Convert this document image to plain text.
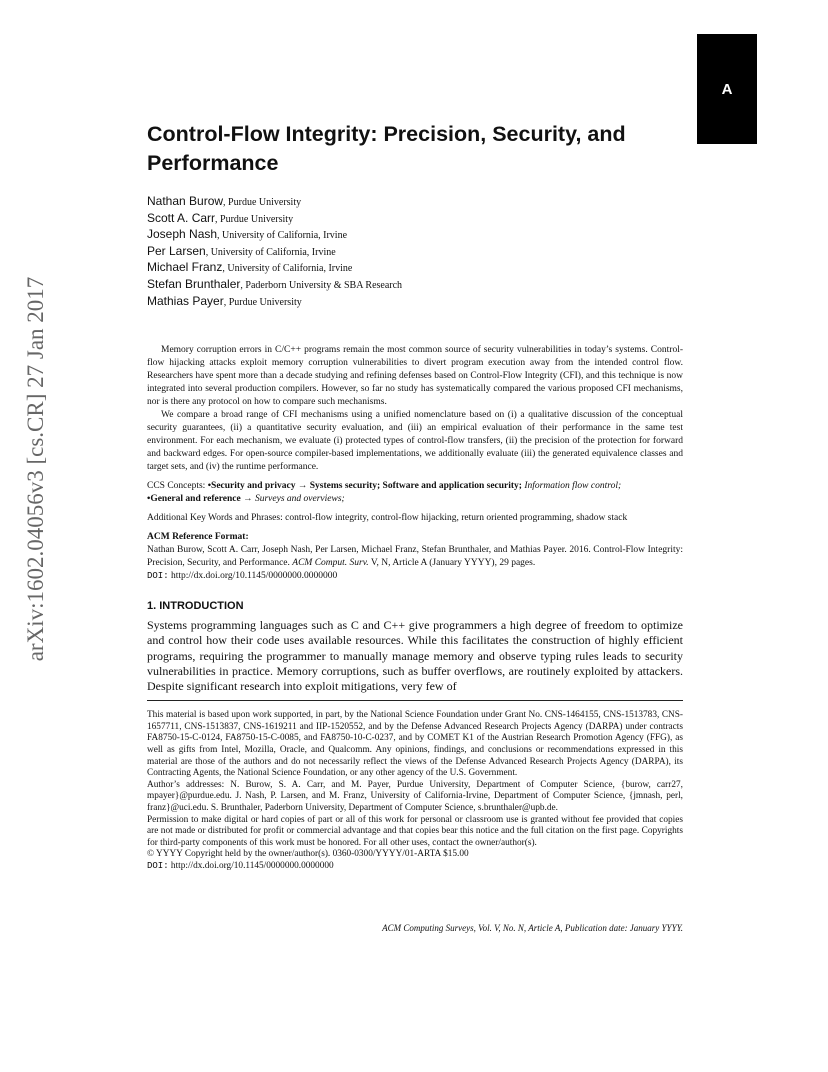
A
arXiv:1602.04056v3 [cs.CR] 27 Jan 2017
Control-Flow Integrity: Precision, Security, and Performance
Nathan Burow, Purdue University
Scott A. Carr, Purdue University
Joseph Nash, University of California, Irvine
Per Larsen, University of California, Irvine
Michael Franz, University of California, Irvine
Stefan Brunthaler, Paderborn University & SBA Research
Mathias Payer, Purdue University

Memory corruption errors in C/C++ programs remain the most common source of security vulnerabilities in today’s systems. Control-flow hijacking attacks exploit memory corruption vulnerabilities to divert program execution away from the intended control flow. Researchers have spent more than a decade studying and refining defenses based on Control-Flow Integrity (CFI), and this technique is now integrated into several production compilers. However, so far no study has systematically compared the various proposed CFI mechanisms, nor is there any protocol on how to compare such mechanisms.

We compare a broad range of CFI mechanisms using a unified nomenclature based on (i) a qualitative discussion of the conceptual security guarantees, (ii) a quantitative security evaluation, and (iii) an empirical evaluation of their performance in the same test environment. For each mechanism, we evaluate (i) protected types of control-flow transfers, (ii) the precision of the protection for forward and backward edges. For open-source compiler-based implementations, we additionally evaluate (iii) the generated equivalence classes and target sets, and (iv) the runtime performance.

CCS Concepts: •Security and privacy → Systems security; Software and application security; Information flow control;
•General and reference → Surveys and overviews;
Additional Key Words and Phrases: control-flow integrity, control-flow hijacking, return oriented programming, shadow stack
ACM Reference Format:
Nathan Burow, Scott A. Carr, Joseph Nash, Per Larsen, Michael Franz, Stefan Brunthaler, and Mathias Payer. 2016. Control-Flow Integrity: Precision, Security, and Performance. ACM Comput. Surv. V, N, Article A (January YYYY), 29 pages.
DOI: http://dx.doi.org/10.1145/0000000.0000000
1. INTRODUCTION

Systems programming languages such as C and C++ give programmers a high degree of freedom to optimize and control how their code uses available resources. While this facilitates the construction of highly efficient programs, requiring the programmer to manually manage memory and observe typing rules leads to security vulnerabilities in practice. Memory corruptions, such as buffer overflows, are routinely exploited by attackers. Despite significant research into exploit mitigations, very few of

This material is based upon work supported, in part, by the National Science Foundation under Grant No. CNS-1464155, CNS-1513783, CNS-1657711, CNS-1513837, CNS-1619211 and IIP-1520552, and by the Defense Advanced Research Projects Agency (DARPA) under contracts FA8750-15-C-0124, FA8750-15-C-0085, and FA8750-10-C-0237, and by COMET K1 of the Austrian Research Promotion Agency (FFG), as well as gifts from Intel, Mozilla, Oracle, and Qualcomm. Any opinions, findings, and conclusions or recommendations expressed in this material are those of the authors and do not necessarily reflect the views of the Defense Advanced Research Projects Agency (DARPA), its Contracting Agents, the National Science Foundation, or any other agency of the U.S. Government.

Author’s addresses: N. Burow, S. A. Carr, and M. Payer, Purdue University, Department of Computer Science, {burow, carr27, mpayer}@purdue.edu. J. Nash, P. Larsen, and M. Franz, University of California-Irvine, Department of Computer Science, {jmnash, perl, franz}@uci.edu. S. Brunthaler, Paderborn University, Department of Computer Science, s.brunthaler@upb.de.

Permission to make digital or hard copies of part or all of this work for personal or classroom use is granted without fee provided that copies are not made or distributed for profit or commercial advantage and that copies bear this notice and the full citation on the first page. Copyrights for third-party components of this work must be honored. For all other uses, contact the owner/author(s).

© YYYY Copyright held by the owner/author(s). 0360-0300/YYYY/01-ARTA $15.00

DOI: http://dx.doi.org/10.1145/0000000.0000000

ACM Computing Surveys, Vol. V, No. N, Article A, Publication date: January YYYY.
